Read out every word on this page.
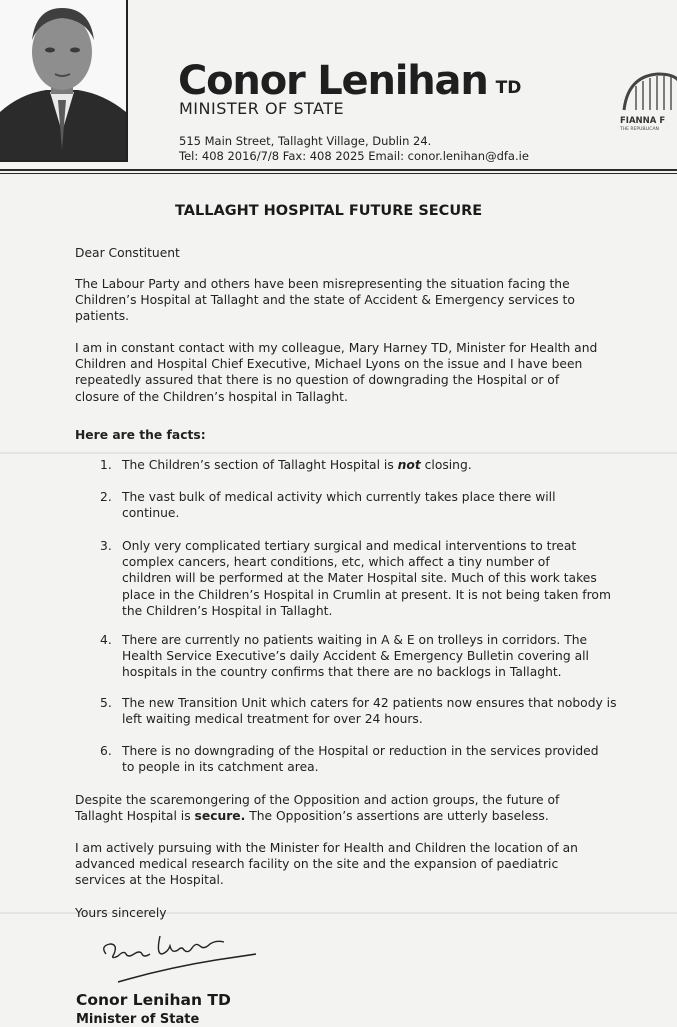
Conor Lenihan TD
MINISTER OF STATE
515 Main Street, Tallaght Village, Dublin 24.
Tel: 408 2016/7/8 Fax: 408 2025 Email: conor.lenihan@dfa.ie
FIANNA F
THE REPUBLICAN
TALLAGHT HOSPITAL FUTURE SECURE
Dear Constituent
The Labour Party and others have been misrepresenting the situation facing the
Children’s Hospital at Tallaght and the state of Accident & Emergency services to
patients.
I am in constant contact with my colleague, Mary Harney TD, Minister for Health and
Children and Hospital Chief Executive, Michael Lyons on the issue and I have been
repeatedly assured that there is no question of downgrading the Hospital or of
closure of the Children’s hospital in Tallaght.
Here are the facts:
1. The Children’s section of Tallaght Hospital is not closing.
2. The vast bulk of medical activity which currently takes place there will
continue.
3. Only very complicated tertiary surgical and medical interventions to treat
complex cancers, heart conditions, etc, which affect a tiny number of
children will be performed at the Mater Hospital site. Much of this work takes
place in the Children’s Hospital in Crumlin at present. It is not being taken from
the Children’s Hospital in Tallaght.
4. There are currently no patients waiting in A & E on trolleys in corridors. The
Health Service Executive’s daily Accident & Emergency Bulletin covering all
hospitals in the country confirms that there are no backlogs in Tallaght.
5. The new Transition Unit which caters for 42 patients now ensures that nobody is
left waiting medical treatment for over 24 hours.
6. There is no downgrading of the Hospital or reduction in the services provided
to people in its catchment area.
Despite the scaremongering of the Opposition and action groups, the future of
Tallaght Hospital is secure. The Opposition’s assertions are utterly baseless.
I am actively pursuing with the Minister for Health and Children the location of an
advanced medical research facility on the site and the expansion of paediatric
services at the Hospital.
Yours sincerely
Conor Lenihan TD
Minister of State
